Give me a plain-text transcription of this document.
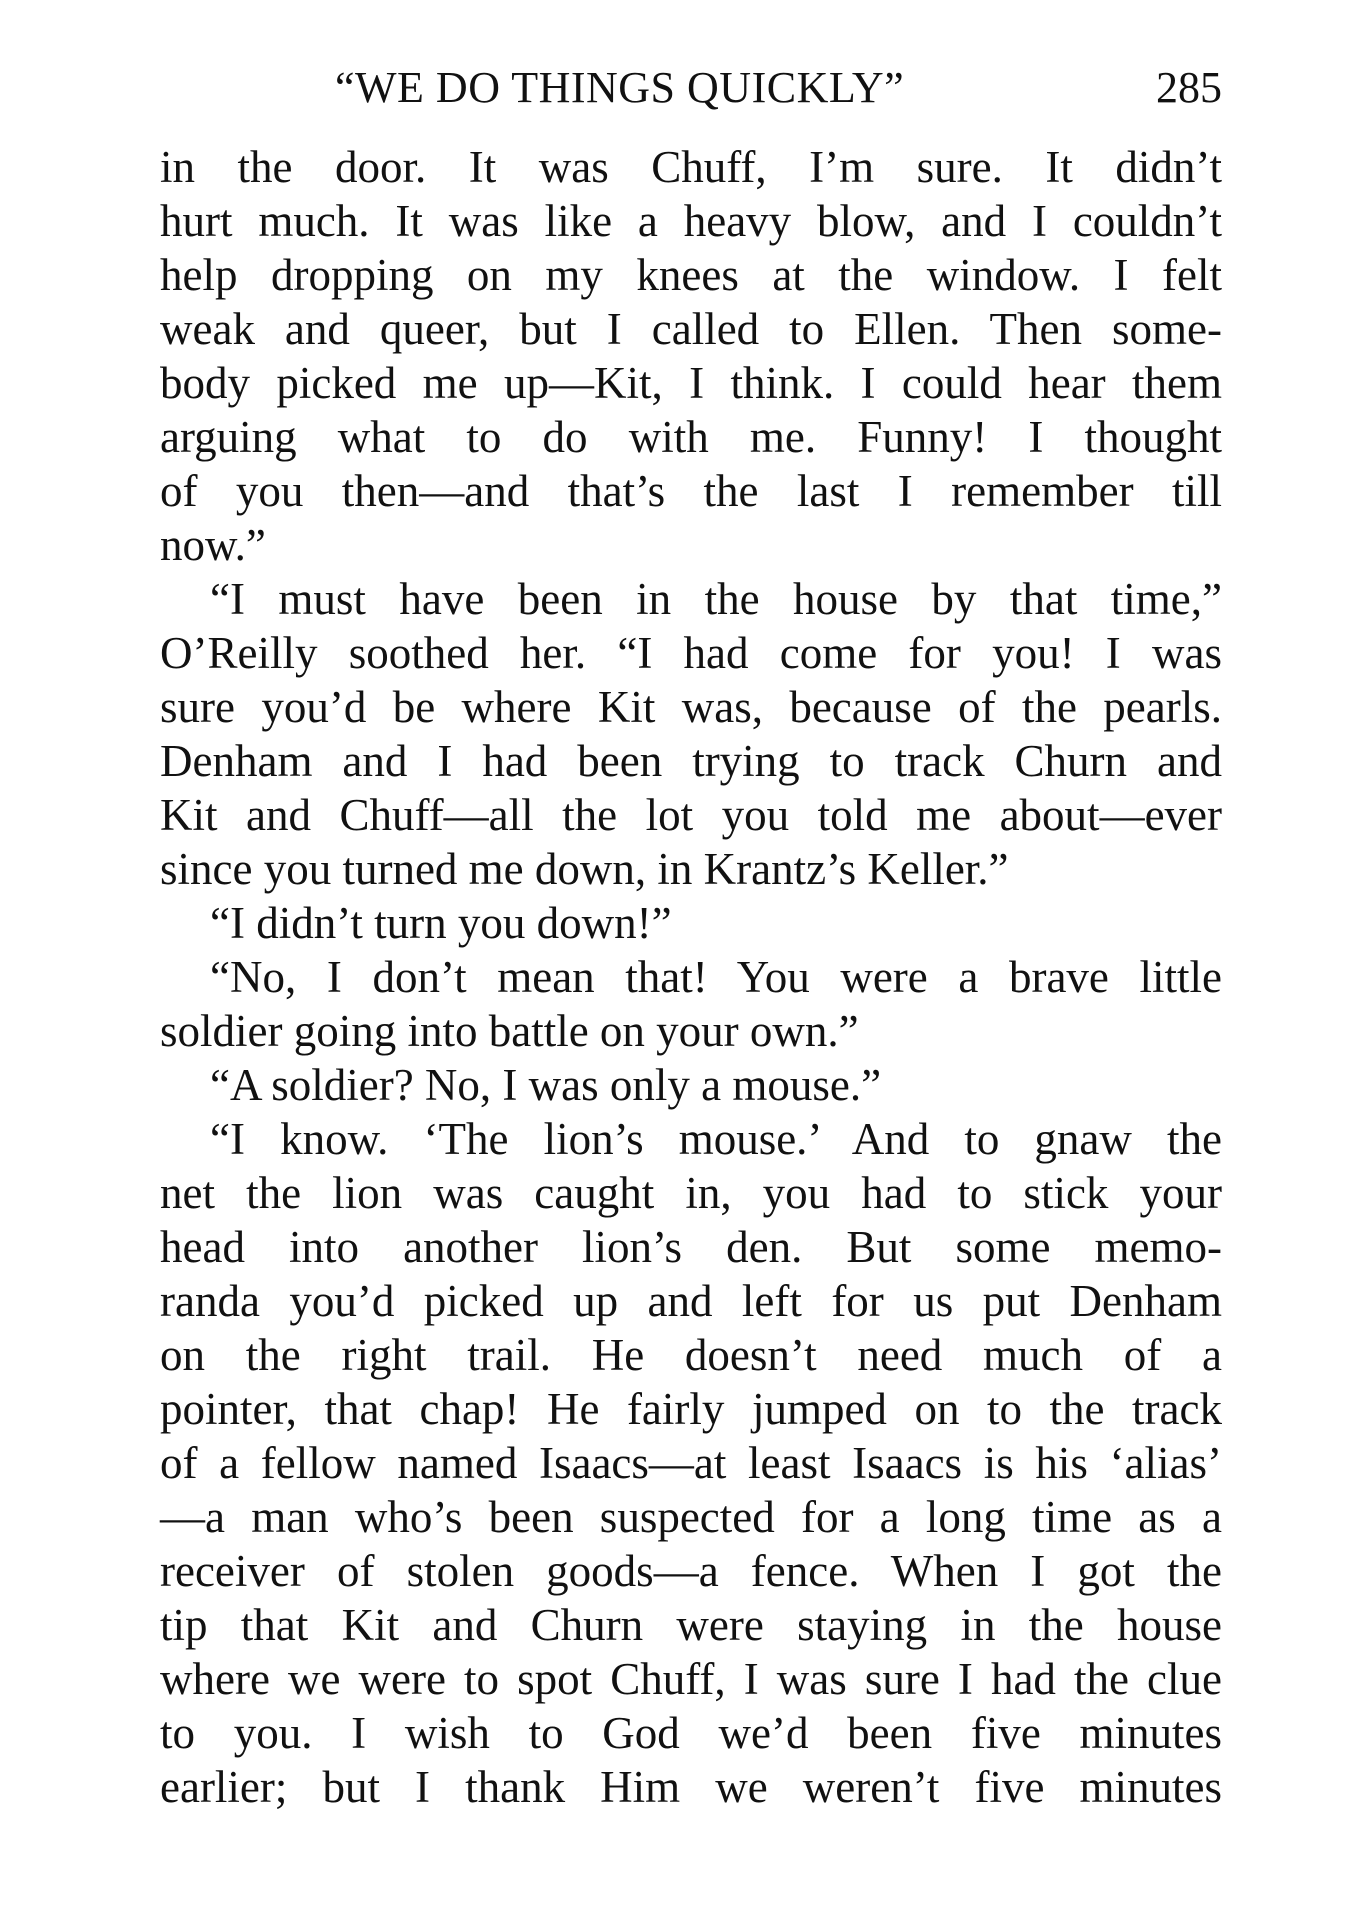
“WE DO THINGS QUICKLY”	285
in the door. It was Chuff, I’m sure. It didn’t
hurt much. It was like a heavy blow, and I couldn’t
help dropping on my knees at the window. I felt
weak and queer, but I called to Ellen. Then some-
body picked me up—Kit, I think. I could hear them
arguing what to do with me. Funny! I thought
of you then—and that’s the last I remember till
now.”
“I must have been in the house by that time,”
O’Reilly soothed her. “I had come for you! I was
sure you’d be where Kit was, because of the pearls.
Denham and I had been trying to track Churn and
Kit and Chuff—all the lot you told me about—ever
since you turned me down, in Krantz’s Keller.”
“I didn’t turn you down!”
“No, I don’t mean that! You were a brave little
soldier going into battle on your own.”
“A soldier? No, I was only a mouse.”
“I know. ‘The lion’s mouse.’ And to gnaw the
net the lion was caught in, you had to stick your
head into another lion’s den. But some memo-
randa you’d picked up and left for us put Denham
on the right trail. He doesn’t need much of a
pointer, that chap! He fairly jumped on to the track
of a fellow named Isaacs—at least Isaacs is his ‘alias’
—a man who’s been suspected for a long time as a
receiver of stolen goods—a fence. When I got the
tip that Kit and Churn were staying in the house
where we were to spot Chuff, I was sure I had the clue
to you. I wish to God we’d been five minutes
earlier; but I thank Him we weren’t five minutes
